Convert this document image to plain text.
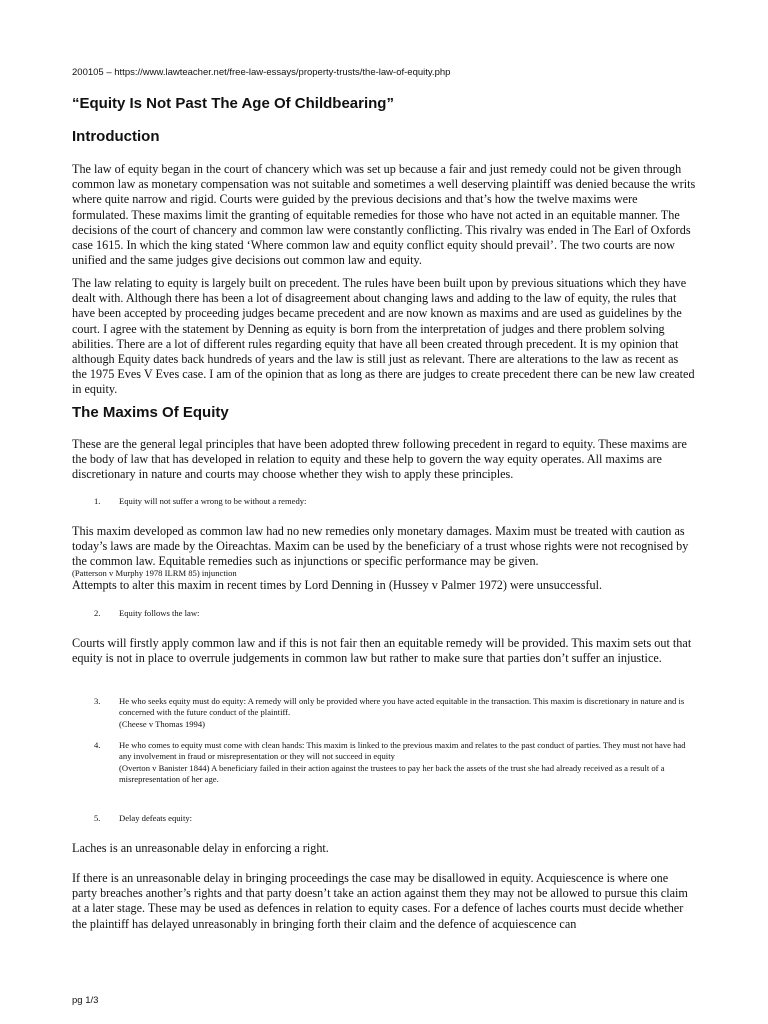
200105 – https://www.lawteacher.net/free-law-essays/property-trusts/the-law-of-equity.php
“Equity Is Not Past The Age Of Childbearing”
Introduction

The law of equity began in the court of chancery which was set up because a fair and just remedy could not be given through common law as monetary compensation was not suitable and sometimes a well deserving plaintiff was denied because the writs where quite narrow and rigid. Courts were guided by the previous decisions and that’s how the twelve maxims were formulated. These maxims limit the granting of equitable remedies for those who have not acted in an equitable manner. The decisions of the court of chancery and common law were constantly conflicting. This rivalry was ended in The Earl of Oxfords case 1615. In which the king stated ‘Where common law and equity conflict equity should prevail’. The two courts are now unified and the same judges give decisions out common law and equity.

The law relating to equity is largely built on precedent. The rules have been built upon by previous situations which they have dealt with. Although there has been a lot of disagreement about changing laws and adding to the law of equity, the rules that have been accepted by proceeding judges became precedent and are now known as maxims and are used as guidelines by the court. I agree with the statement by Denning as equity is born from the interpretation of judges and there problem solving abilities. There are a lot of different rules regarding equity that have all been created through precedent. It is my opinion that although Equity dates back hundreds of years and the law is still just as relevant. There are alterations to the law as recent as the 1975 Eves V Eves case. I am of the opinion that as long as there are judges to create precedent there can be new law created in equity.

The Maxims Of Equity

These are the general legal principles that have been adopted threw following precedent in regard to equity. These maxims are the body of law that has developed in relation to equity and these help to govern the way equity operates. All maxims are discretionary in nature and courts may choose whether they wish to apply these principles.

1. Equity will not suffer a wrong to be without a remedy:

This maxim developed as common law had no new remedies only monetary damages. Maxim must be treated with caution as today’s laws are made by the Oireachtas. Maxim can be used by the beneficiary of a trust whose rights were not recognised by the common law. Equitable remedies such as injunctions or specific performance may be given.

(Patterson v Murphy 1978 ILRM 85) injunction

Attempts to alter this maxim in recent times by Lord Denning in (Hussey v Palmer 1972) were unsuccessful.

2. Equity follows the law:

Courts will firstly apply common law and if this is not fair then an equitable remedy will be provided. This maxim sets out that equity is not in place to overrule judgements in common law but rather to make sure that parties don’t suffer an injustice.

3. He who seeks equity must do equity: A remedy will only be provided where you have acted equitable in the transaction. This maxim is discretionary in nature and is concerned with the future conduct of the plaintiff.
(Cheese v Thomas 1994)
4. He who comes to equity must come with clean hands: This maxim is linked to the previous maxim and relates to the past conduct of parties. They must not have had any involvement in fraud or misrepresentation or they will not succeed in equity
(Overton v Banister 1844) A beneficiary failed in their action against the trustees to pay her back the assets of the trust she had already received as a result of a misrepresentation of her age.
5. Delay defeats equity:

Laches is an unreasonable delay in enforcing a right.

If there is an unreasonable delay in bringing proceedings the case may be disallowed in equity. Acquiescence is where one party breaches another’s rights and that party doesn’t take an action against them they may not be allowed to pursue this claim at a later stage. These may be used as defences in relation to equity cases. For a defence of laches courts must decide whether the plaintiff has delayed unreasonably in bringing forth their claim and the defence of acquiescence can

pg 1/3
